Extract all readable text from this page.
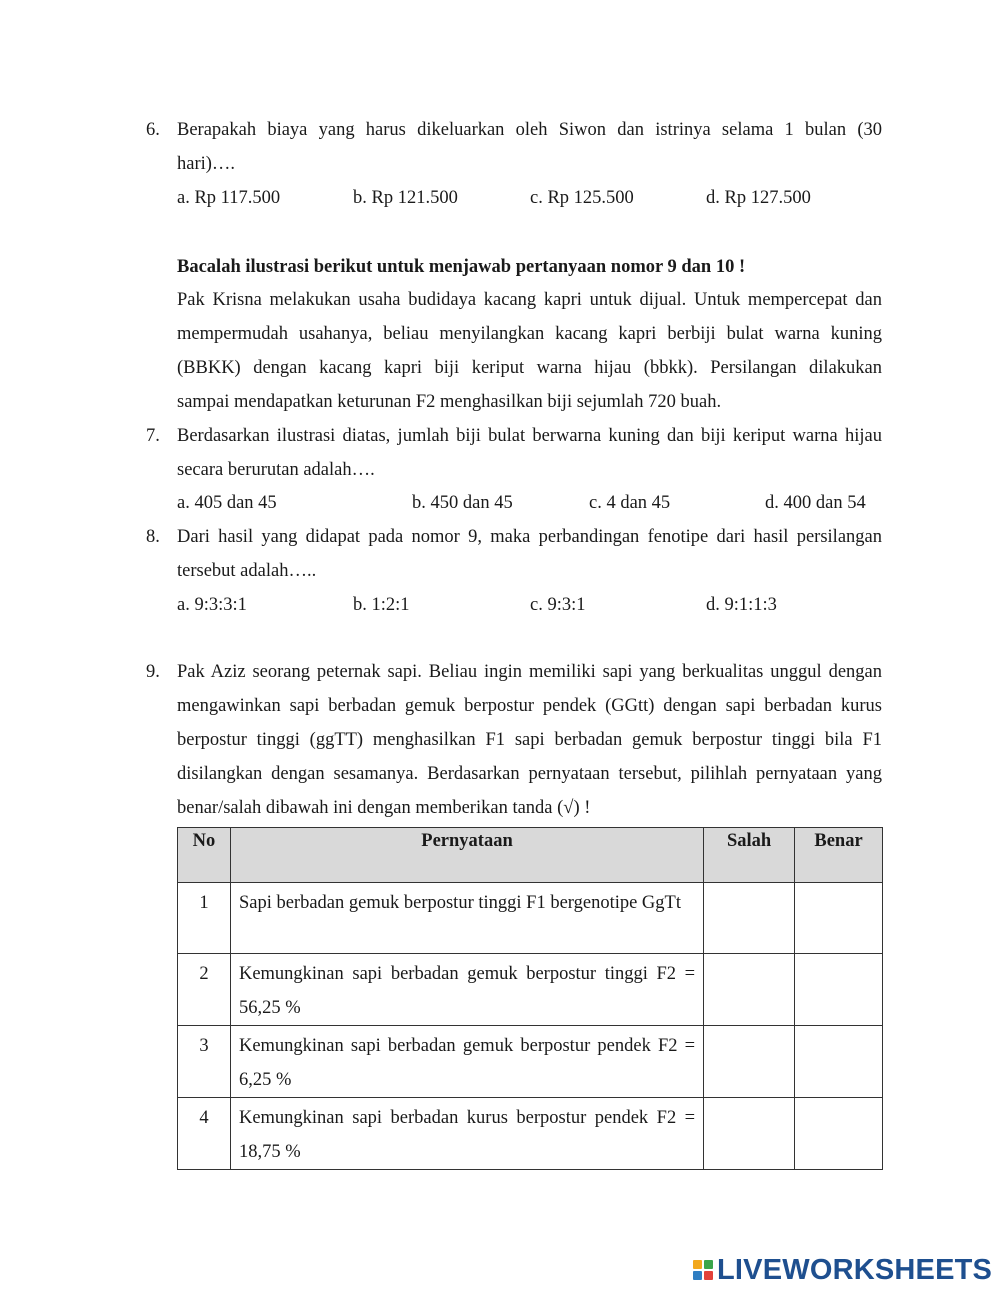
6. Berapakah biaya yang harus dikeluarkan oleh Siwon dan istrinya selama 1 bulan (30
hari)….
a. Rp 117.500	b. Rp 121.500	c. Rp 125.500	d. Rp 127.500
Bacalah ilustrasi berikut untuk menjawab pertanyaan nomor 9 dan 10 !
Pak Krisna melakukan usaha budidaya kacang kapri untuk dijual. Untuk mempercepat dan
mempermudah usahanya, beliau menyilangkan kacang kapri berbiji bulat warna kuning
(BBKK) dengan kacang kapri biji keriput warna hijau (bbkk). Persilangan dilakukan
sampai mendapatkan keturunan F2 menghasilkan biji sejumlah 720 buah.
7. Berdasarkan ilustrasi diatas, jumlah biji bulat berwarna kuning dan biji keriput warna hijau
secara berurutan adalah….
a. 405 dan 45	b. 450 dan 45	c. 4 dan 45	d. 400 dan 54
8. Dari hasil yang didapat pada nomor 9, maka perbandingan fenotipe dari hasil persilangan
tersebut adalah…..
a. 9:3:3:1	b. 1:2:1	c. 9:3:1	d. 9:1:1:3
9. Pak Aziz seorang peternak sapi. Beliau ingin memiliki sapi yang berkualitas unggul dengan
mengawinkan sapi berbadan gemuk berpostur pendek (GGtt) dengan sapi berbadan kurus
berpostur tinggi (ggTT) menghasilkan F1 sapi berbadan gemuk berpostur tinggi bila F1
disilangkan dengan sesamanya. Berdasarkan pernyataan tersebut, pilihlah pernyataan yang
benar/salah dibawah ini dengan memberikan tanda (√) !
No	Pernyataan	Salah	Benar
1	Sapi berbadan gemuk berpostur tinggi F1 bergenotipe GgTt		
2	Kemungkinan sapi berbadan gemuk berpostur tinggi F2 = 56,25 %		
3	Kemungkinan sapi berbadan gemuk berpostur pendek F2 = 6,25 %		
4	Kemungkinan sapi berbadan kurus berpostur pendek F2 = 18,75 %		
LIVEWORKSHEETS
